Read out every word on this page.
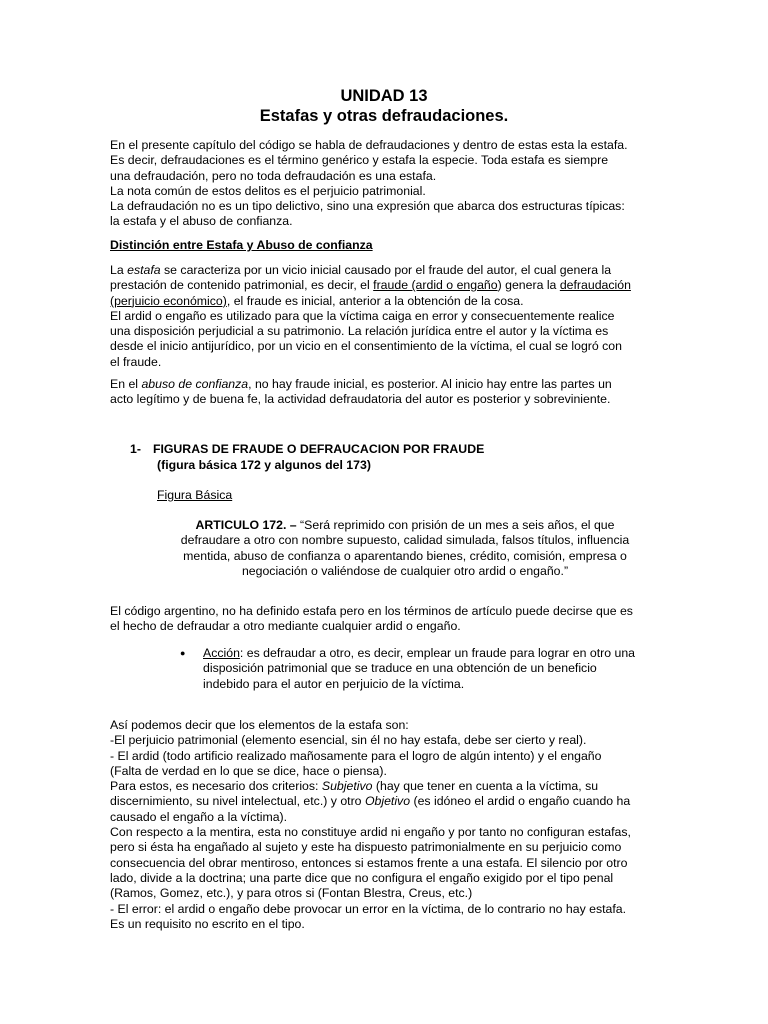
UNIDAD 13
Estafas y otras defraudaciones.
En el presente capítulo del código se habla de defraudaciones y dentro de estas esta la estafa.
Es decir, defraudaciones es el término genérico y estafa la especie. Toda estafa es siempre
una defraudación, pero no toda defraudación es una estafa.
La nota común de estos delitos es el perjuicio patrimonial.
La defraudación no es un tipo delictivo, sino una expresión que abarca dos estructuras típicas:
la estafa y el abuso de confianza.
Distinción entre Estafa y Abuso de confianza
La estafa se caracteriza por un vicio inicial causado por el fraude del autor, el cual genera la
prestación de contenido patrimonial, es decir, el fraude (ardid o engaño) genera la defraudación
(perjuicio económico), el fraude es inicial, anterior a la obtención de la cosa.
El ardid o engaño es utilizado para que la víctima caiga en error y consecuentemente realice
una disposición perjudicial a su patrimonio. La relación jurídica entre el autor y la víctima es
desde el inicio antijurídico, por un vicio en el consentimiento de la víctima, el cual se logró con
el fraude.
En el abuso de confianza, no hay fraude inicial, es posterior. Al inicio hay entre las partes un
acto legítimo y de buena fe, la actividad defraudatoria del autor es posterior y sobreviniente.
1- FIGURAS DE FRAUDE O DEFRAUCACION POR FRAUDE
(figura básica 172 y algunos del 173)
Figura Básica
ARTICULO 172. – “Será reprimido con prisión de un mes a seis años, el que
defraudare a otro con nombre supuesto, calidad simulada, falsos títulos, influencia
mentida, abuso de confianza o aparentando bienes, crédito, comisión, empresa o
negociación o valiéndose de cualquier otro ardid o engaño.”
El código argentino, no ha definido estafa pero en los términos de artículo puede decirse que es
el hecho de defraudar a otro mediante cualquier ardid o engaño.
● Acción: es defraudar a otro, es decir, emplear un fraude para lograr en otro una
disposición patrimonial que se traduce en una obtención de un beneficio
indebido para el autor en perjuicio de la víctima.
Así podemos decir que los elementos de la estafa son:
-El perjuicio patrimonial (elemento esencial, sin él no hay estafa, debe ser cierto y real).
- El ardid (todo artificio realizado mañosamente para el logro de algún intento) y el engaño
(Falta de verdad en lo que se dice, hace o piensa).
Para estos, es necesario dos criterios: Subjetivo (hay que tener en cuenta a la víctima, su
discernimiento, su nivel intelectual, etc.) y otro Objetivo (es idóneo el ardid o engaño cuando ha
causado el engaño a la víctima).
Con respecto a la mentira, esta no constituye ardid ni engaño y por tanto no configuran estafas,
pero si ésta ha engañado al sujeto y este ha dispuesto patrimonialmente en su perjuicio como
consecuencia del obrar mentiroso, entonces si estamos frente a una estafa. El silencio por otro
lado, divide a la doctrina; una parte dice que no configura el engaño exigido por el tipo penal
(Ramos, Gomez, etc.), y para otros si (Fontan Blestra, Creus, etc.)
- El error: el ardid o engaño debe provocar un error en la víctima, de lo contrario no hay estafa.
Es un requisito no escrito en el tipo.
